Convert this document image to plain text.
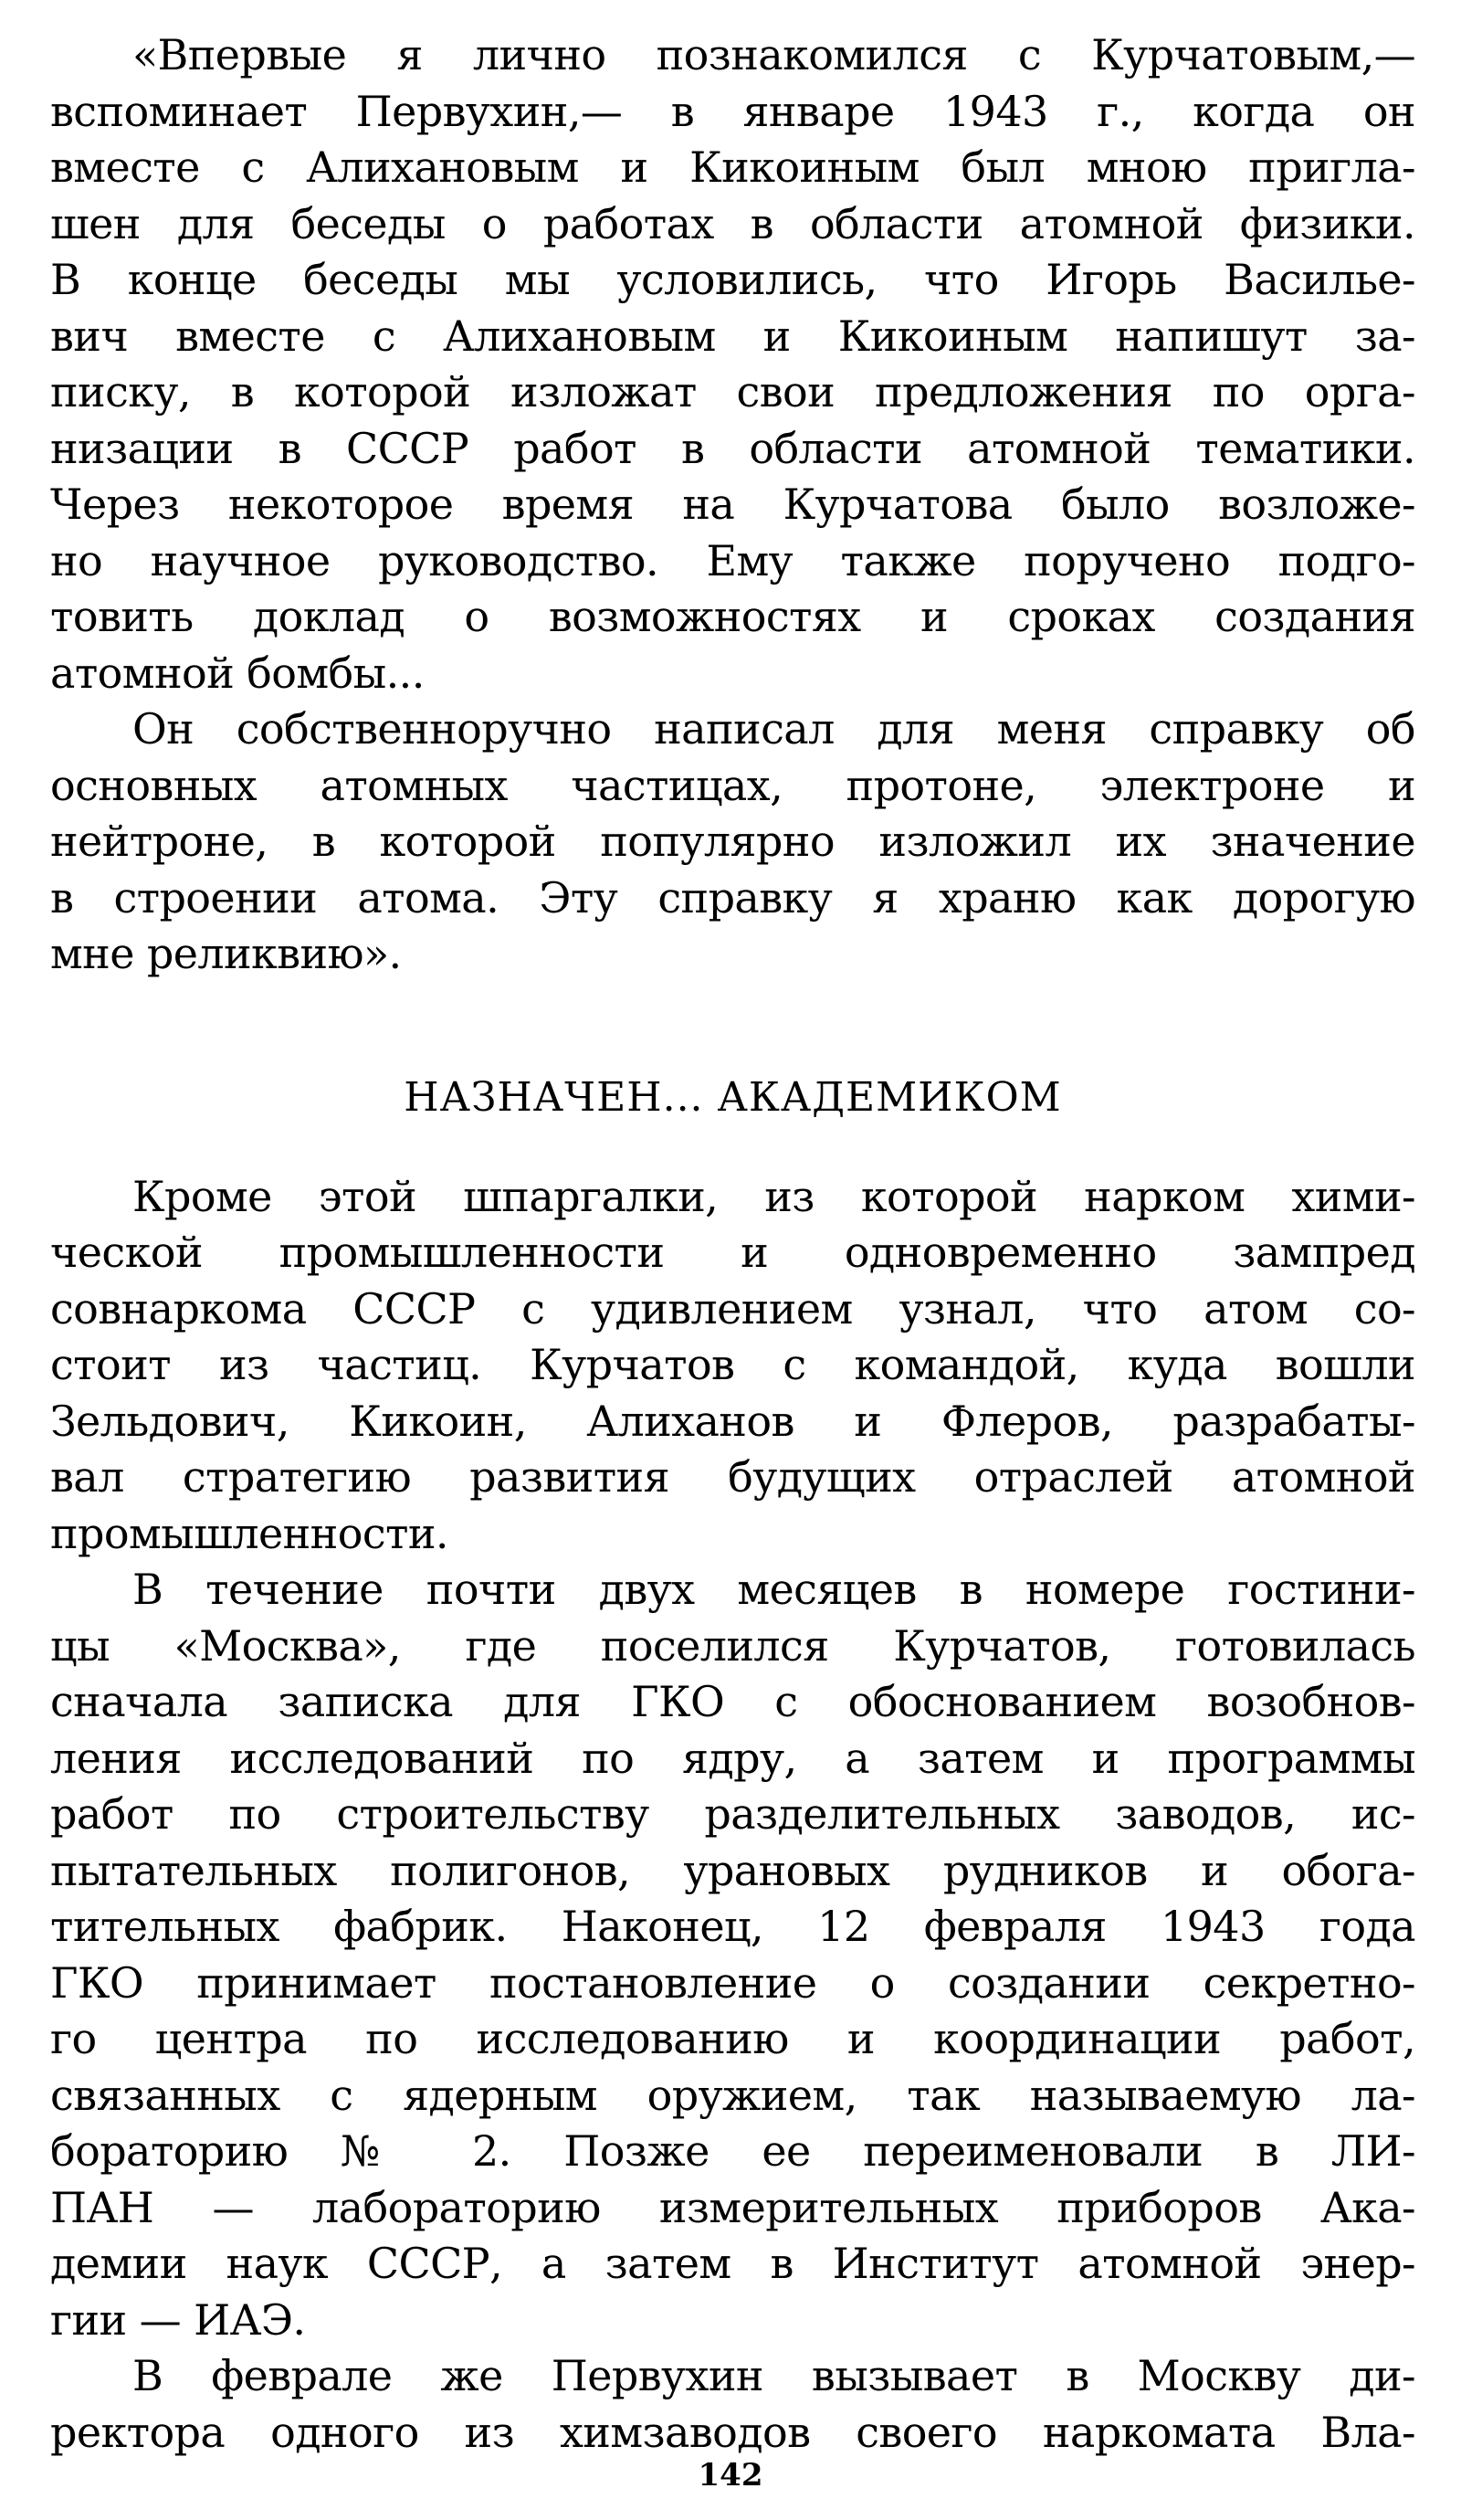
«Впервые я лично познакомился с Курчатовым,—
вспоминает Первухин,— в январе 1943 г., когда он
вместе с Алихановым и Кикоиным был мною пригла-
шен для беседы о работах в области атомной физики.
В конце беседы мы условились, что Игорь Василье-
вич вместе с Алихановым и Кикоиным напишут за-
писку, в которой изложат свои предложения по орга-
низации в СССР работ в области атомной тематики.
Через некоторое время на Курчатова было возложе-
но научное руководство. Ему также поручено подго-
товить доклад о возможностях и сроках создания
атомной бомбы...
Он собственноручно написал для меня справку об
основных атомных частицах, протоне, электроне и
нейтроне, в которой популярно изложил их значение
в строении атома. Эту справку я храню как дорогую
мне реликвию».
НАЗНАЧЕН... АКАДЕМИКОМ
Кроме этой шпаргалки, из которой нарком хими-
ческой промышленности и одновременно зампред
совнаркома СССР с удивлением узнал, что атом со-
стоит из частиц. Курчатов с командой, куда вошли
Зельдович, Кикоин, Алиханов и Флеров, разрабаты-
вал стратегию развития будущих отраслей атомной
промышленности.
В течение почти двух месяцев в номере гостини-
цы «Москва», где поселился Курчатов, готовилась
сначала записка для ГКО с обоснованием возобнов-
ления исследований по ядру, а затем и программы
работ по строительству разделительных заводов, ис-
пытательных полигонов, урановых рудников и обога-
тительных фабрик. Наконец, 12 февраля 1943 года
ГКО принимает постановление о создании секретно-
го центра по исследованию и координации работ,
связанных с ядерным оружием, так называемую ла-
бораторию № 2. Позже ее переименовали в ЛИ-
ПАН — лабораторию измерительных приборов Ака-
демии наук СССР, а затем в Институт атомной энер-
гии — ИАЭ.
В феврале же Первухин вызывает в Москву ди-
ректора одного из химзаводов своего наркомата Вла-
142
